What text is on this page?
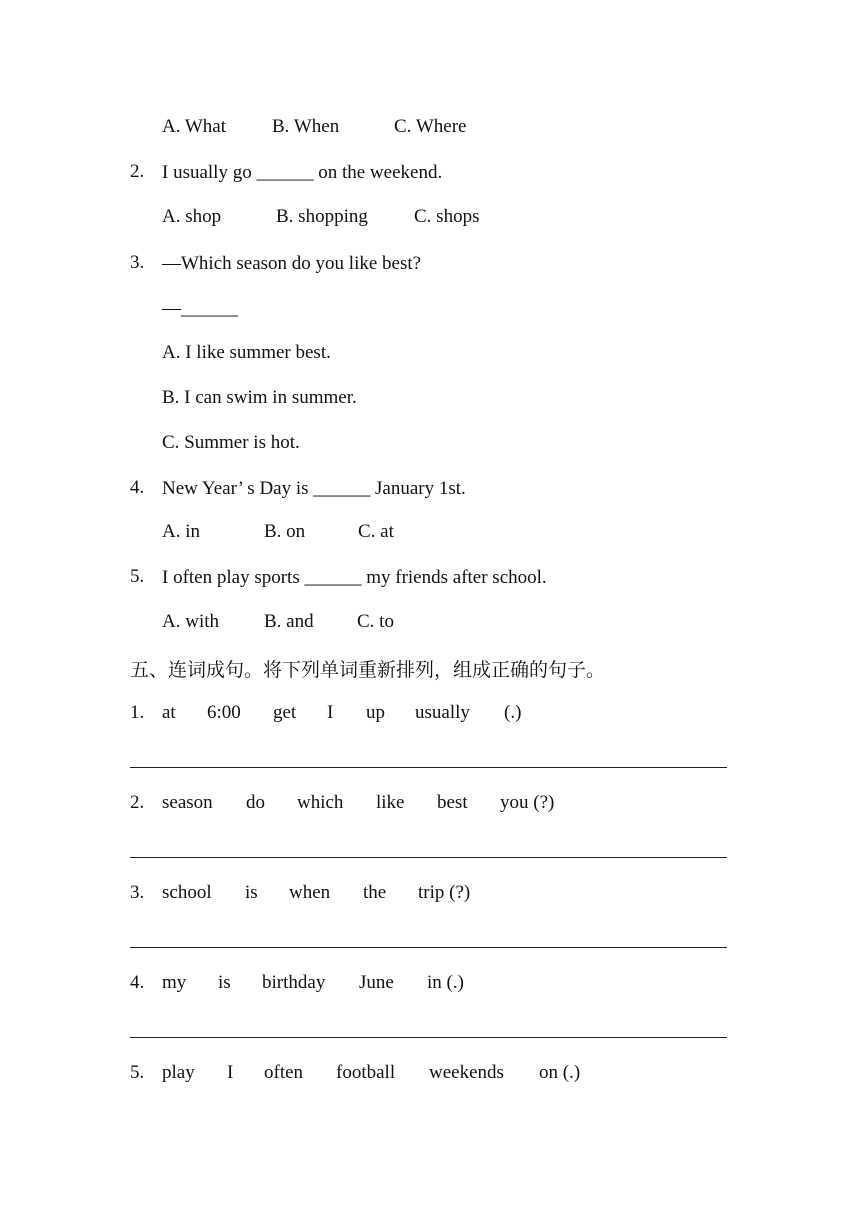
A. What B. When	C. Where
2. I usually go ______ on the weekend.
A. shop	B. shopping C. shops
3. —Which season do you like best?
—______
A. I like summer best.
B. I can swim in summer.
C. Summer is hot.
4. New Year’ s Day is ______ January 1st.
A. in	B. on	C. at
5. I often play sports ______ my friends after school.
A. with B. and C. to
五、连词成句。将下列单词重新排列，组成正确的句子。
1. at 6:00 get I up usually (.)
2. season do which like best you (?)
3. school is when the trip (?)
4. my is birthday June in (.)
5. play I often football weekends on (.)
